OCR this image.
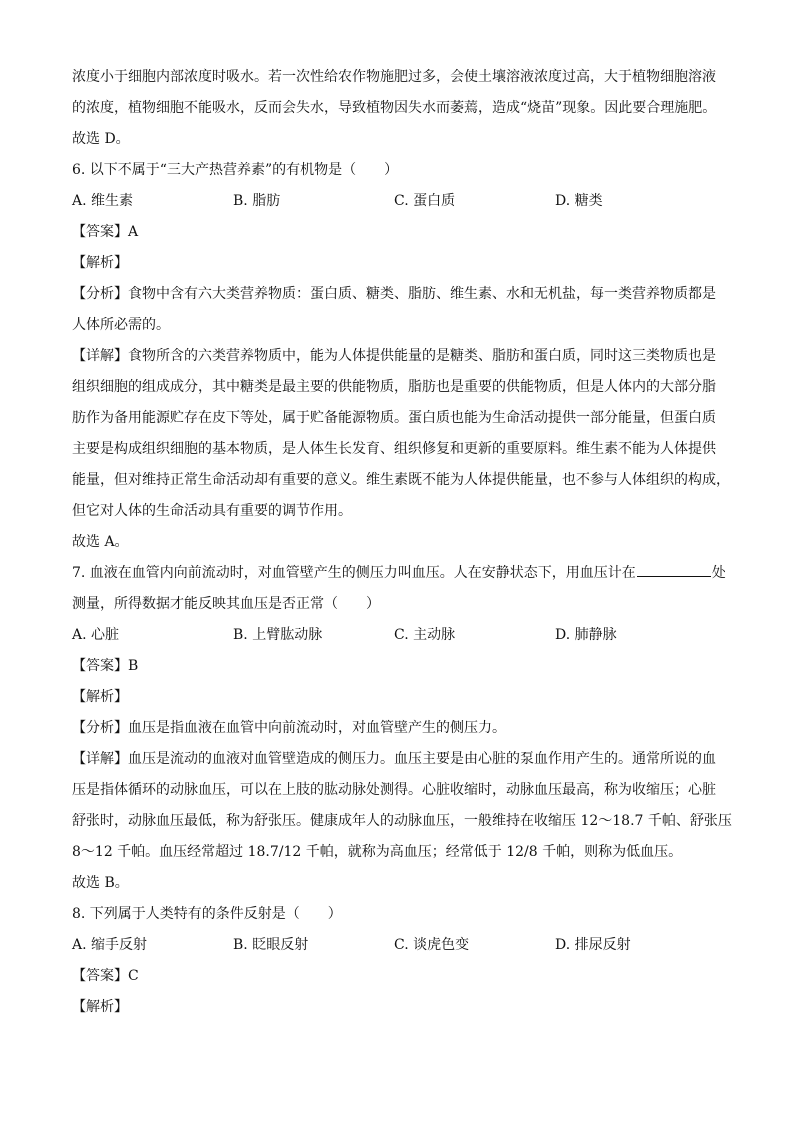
浓度小于细胞内部浓度时吸水。若一次性给农作物施肥过多，会使土壤溶液浓度过高，大于植物细胞溶液
的浓度，植物细胞不能吸水，反而会失水，导致植物因失水而萎蔫，造成“烧苗”现象。因此要合理施肥。
故选 D。
6. 以下不属于“三大产热营养素”的有机物是（　　）
A. 维生素	B. 脂肪	C. 蛋白质	D. 糖类
【答案】A
【解析】
【分析】食物中含有六大类营养物质：蛋白质、糖类、脂肪、维生素、水和无机盐，每一类营养物质都是
人体所必需的。
【详解】食物所含的六类营养物质中，能为人体提供能量的是糖类、脂肪和蛋白质，同时这三类物质也是
组织细胞的组成成分，其中糖类是最主要的供能物质，脂肪也是重要的供能物质，但是人体内的大部分脂
肪作为备用能源贮存在皮下等处，属于贮备能源物质。蛋白质也能为生命活动提供一部分能量，但蛋白质
主要是构成组织细胞的基本物质，是人体生长发育、组织修复和更新的重要原料。维生素不能为人体提供
能量，但对维持正常生命活动却有重要的意义。维生素既不能为人体提供能量，也不参与人体组织的构成，
但它对人体的生命活动具有重要的调节作用。
故选 A。
7. 血液在血管内向前流动时，对血管壁产生的侧压力叫血压。人在安静状态下，用血压计在	处
测量，所得数据才能反映其血压是否正常（　　）
A. 心脏	B. 上臂肱动脉	C. 主动脉	D. 肺静脉
【答案】B
【解析】
【分析】血压是指血液在血管中向前流动时，对血管壁产生的侧压力。
【详解】血压是流动的血液对血管壁造成的侧压力。血压主要是由心脏的泵血作用产生的。通常所说的血
压是指体循环的动脉血压，可以在上肢的肱动脉处测得。心脏收缩时，动脉血压最高，称为收缩压；心脏
舒张时，动脉血压最低，称为舒张压。健康成年人的动脉血压，一般维持在收缩压 12～18.7 千帕、舒张压
8～12 千帕。血压经常超过 18.7/12 千帕，就称为高血压；经常低于 12/8 千帕，则称为低血压。
故选 B。
8. 下列属于人类特有的条件反射是（　　）
A. 缩手反射	B. 眨眼反射	C. 谈虎色变	D. 排尿反射
【答案】C
【解析】
